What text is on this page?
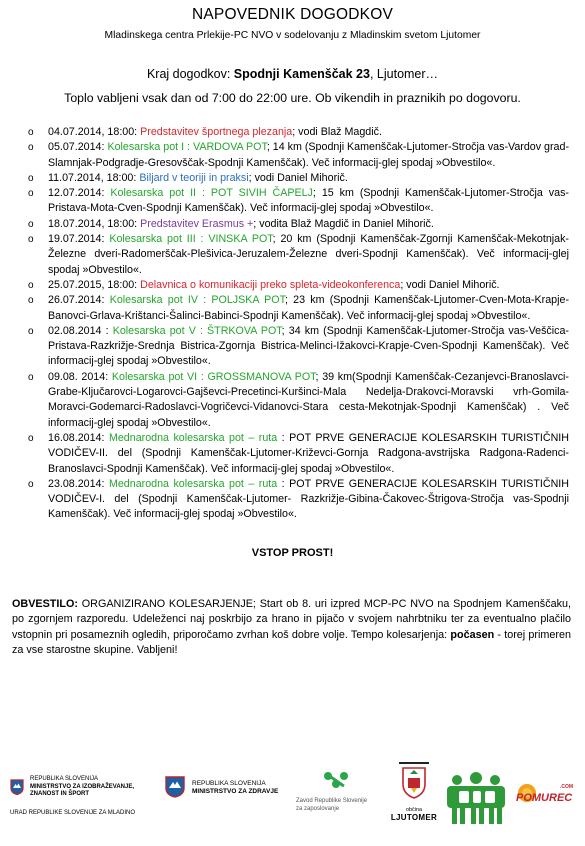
NAPOVEDNIK DOGODKOV
Mladinskega centra Prlekije-PC NVO v sodelovanju z Mladinskim svetom Ljutomer
Kraj dogodkov: Spodnji Kamenščak 23, Ljutomer…
Toplo vabljeni vsak dan od 7:00 do 22:00 ure. Ob vikendih in praznikih po dogovoru.
o 04.07.2014, 18:00: Predstavitev športnega plezanja; vodi Blaž Magdič.
o 05.07.2014: Kolesarska pot I : VARDOVA POT; 14 km (Spodnji Kamenščak-Ljutomer-Stročja vas-Vardov grad-Slamnjak-Podgradje-Gresovščak-Spodnji Kamenščak). Več informacij-glej spodaj »Obvestilo«.
o 11.07.2014, 18:00: Biljard v teoriji in praksi; vodi Daniel Mihorič.
o 12.07.2014: Kolesarska pot II : POT SIVIH ČAPELJ; 15 km (Spodnji Kamenščak-Ljutomer-Stročja vas-Pristava-Mota-Cven-Spodnji Kamenščak). Več informacij-glej spodaj »Obvestilo«.
o 18.07.2014, 18:00: Predstavitev Erasmus +; vodita Blaž Magdič in Daniel Mihorič.
o 19.07.2014: Kolesarska pot III : VINSKA POT; 20 km (Spodnji Kamenščak-Zgornji Kamenščak-Mekotnjak-Železne dveri-Radomerščak-Plešivica-Jeruzalem-Železne dveri-Spodnji Kamenščak). Več informacij-glej spodaj »Obvestilo«.
o 25.07.2015, 18:00: Delavnica o komunikaciji preko spleta-videokonferenca; vodi Daniel Mihorič.
o 26.07.2014: Kolesarska pot IV : POLJSKA POT; 23 km (Spodnji Kamenščak-Ljutomer-Cven-Mota-Krapje-Banovci-Grlava-Krištanci-Šalinci-Babinci-Spodnji Kamenščak). Več informacij-glej spodaj »Obvestilo«.
o 02.08.2014 : Kolesarska pot V : ŠTRKOVA POT; 34 km (Spodnji Kamenščak-Ljutomer-Stročja vas-Veščica-Pristava-Razkrižje-Srednja Bistrica-Zgornja Bistrica-Melinci-Ižakovci-Krapje-Cven-Spodnji Kamenščak). Več informacij-glej spodaj »Obvestilo«.
o 09.08. 2014: Kolesarska pot VI : GROSSMANOVA POT; 39 km(Spodnji Kamenščak-Cezanjevci-Branoslavci-Grabe-Ključarovci-Logarovci-Gajševci-Precetinci-Kuršinci-Mala Nedelja-Drakovci-Moravski vrh-Gomila-Moravci-Godemarci-Radoslavci-Vogričevci-Vidanovci-Stara cesta-Mekotnjak-Spodnji Kamenščak) . Več informacij-glej spodaj »Obvestilo«.
o 16.08.2014: Mednarodna kolesarska pot – ruta : POT PRVE GENERACIJE KOLESARSKIH TURISTIČNIH VODIČEV-II. del (Spodnji Kamenščak-Ljutomer-Križevci-Gornja Radgona-avstrijska Radgona-Radenci-Branoslavci-Spodnji Kamenščak). Več informacij-glej spodaj »Obvestilo«.
o 23.08.2014: Mednarodna kolesarska pot – ruta : POT PRVE GENERACIJE KOLESARSKIH TURISTIČNIH VODIČEV-I. del (Spodnji Kamenščak-Ljutomer- Razkrižje-Gibina-Čakovec-Štrigova-Stročja vas-Spodnji Kamenščak). Več informacij-glej spodaj »Obvestilo«.
VSTOP PROST!
OBVESTILO: ORGANIZIRANO KOLESARJENJE; Start ob 8. uri izpred MCP-PC NVO na Spodnjem Kamenščaku, po zgornjem razporedu. Udeleženci naj poskrbijo za hrano in pijačo v svojem nahrbtniku ter za eventualno plačilo vstopnin pri posameznih ogledih, priporočamo zvrhan koš dobre volje. Tempo kolesarjenja: počasen - torej primeren za vse starostne skupine. Vabljeni!
REPUBLIKA SLOVENIJA
MINISTRSTVO ZA IZOBRAŽEVANJE,
ZNANOST IN ŠPORT
URAD REPUBLIKE SLOVENIJE ZA MLADINO
REPUBLIKA SLOVENIJA
MINISTRSTVO ZA ZDRAVJE
Zavod Republike Slovenije
za zaposlovanje	občina
LJUTOMER
.COM
POMUREC
